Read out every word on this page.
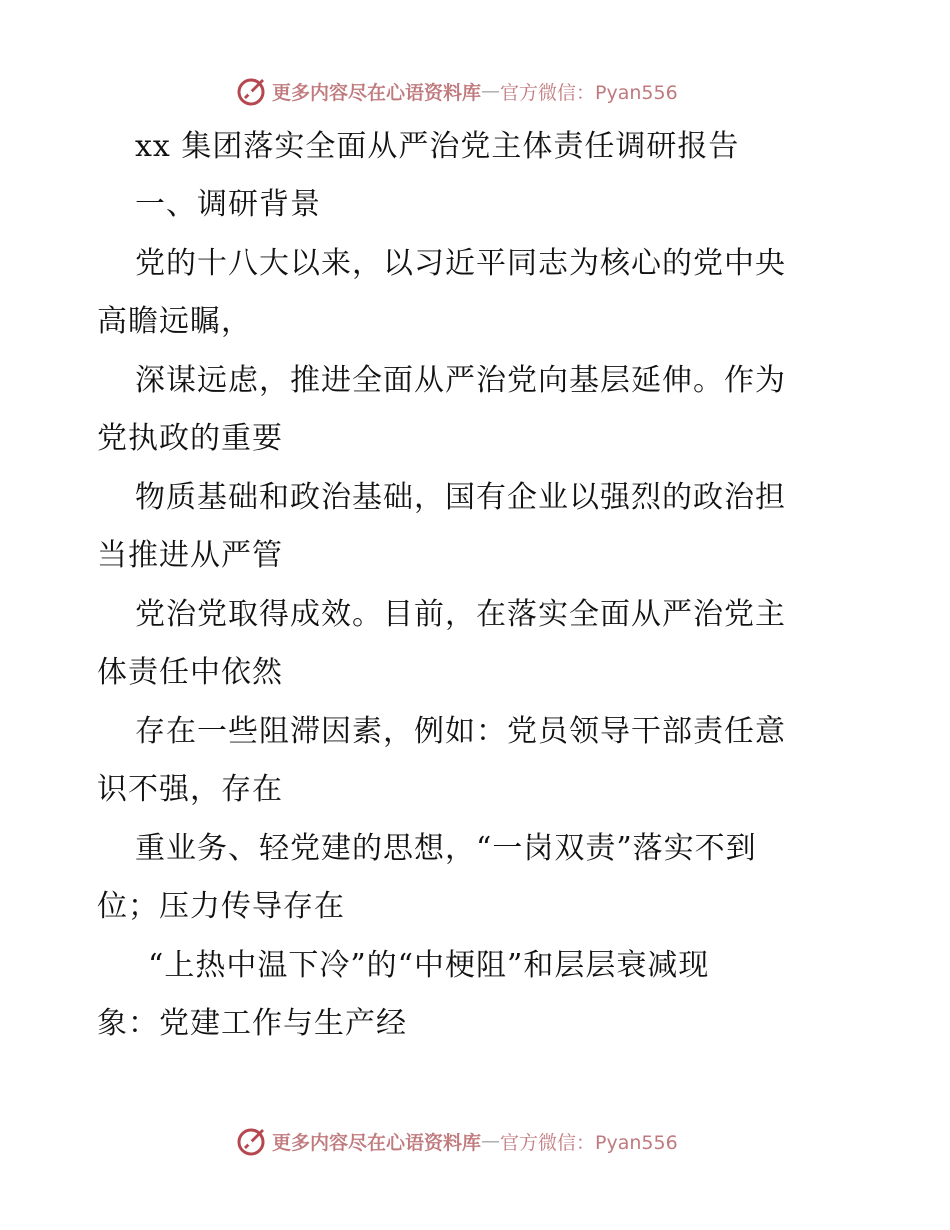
更多内容尽在心语资料库 — 官方微信：Pyan556
xx 集团落实全面从严治党主体责任调研报告
一、调研背景
党的十八大以来，以习近平同志为核心的党中央
高瞻远瞩，
深谋远虑，推进全面从严治党向基层延伸。作为
党执政的重要
物质基础和政治基础，国有企业以强烈的政治担
当推进从严管
党治党取得成效。目前，在落实全面从严治党主
体责任中依然
存在一些阻滞因素，例如：党员领导干部责任意
识不强，存在
重业务、轻党建的思想，“一岗双责”落实不到
位；压力传导存在
“上热中温下冷”的“中梗阻”和层层衰减现
象：党建工作与生产经
更多内容尽在心语资料库 — 官方微信：Pyan556
